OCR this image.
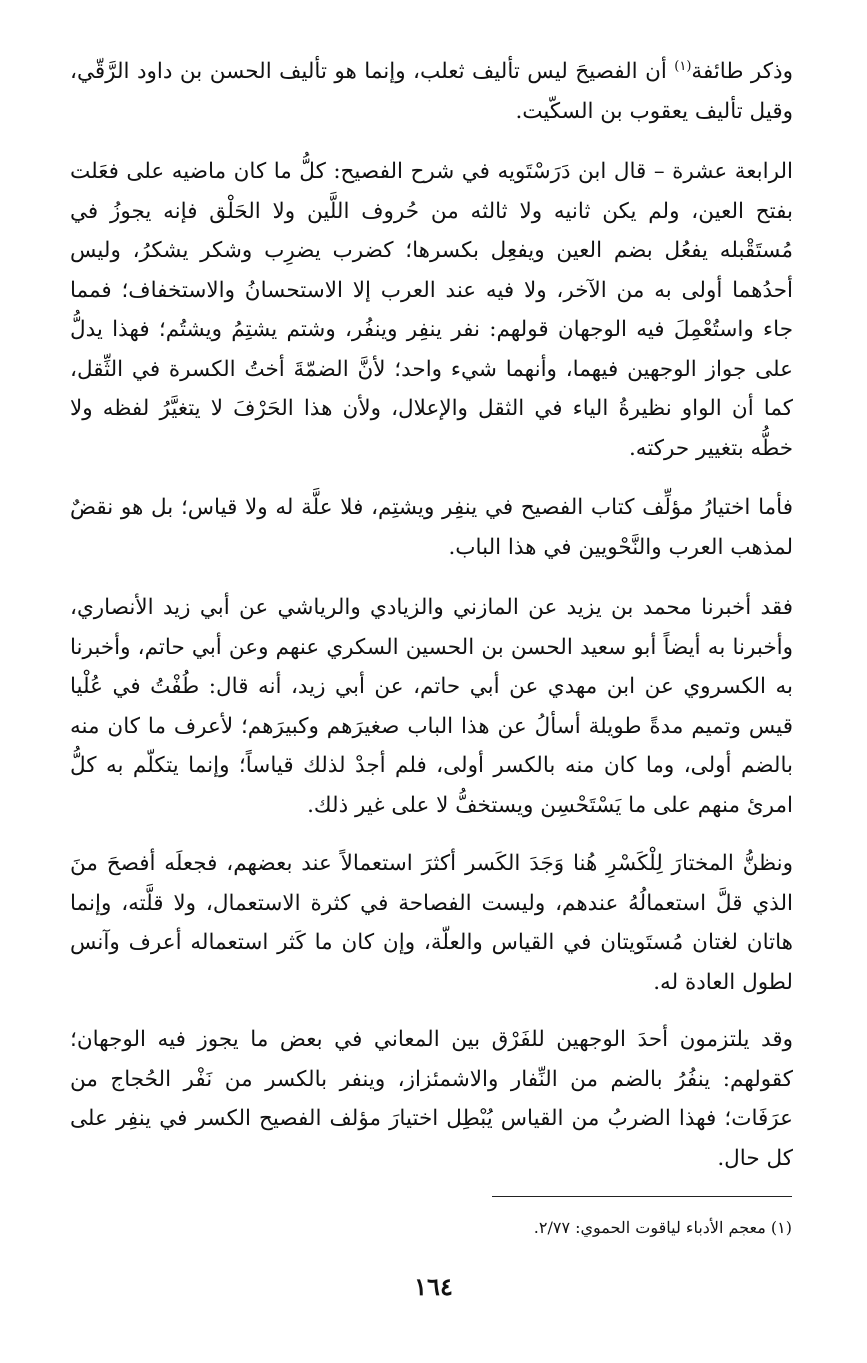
وذكر طائفة$^{(١)}$ أن الفصيحَ ليس تأليف ثعلب، وإنما هو تأليف الحسن بن داود الرَّقّي، وقيل تأليف يعقوب بن السكّيت.

الرابعة عشرة – قال ابن دَرَسْتَويه في شرح الفصيح: كلُّ ما كان ماضيه على فعَلت بفتح العين، ولم يكن ثانيه ولا ثالثه من حُروف اللَّين ولا الحَلْق فإنه يجوزُ في مُستَقْبله يفعُل بضم العين ويفعِل بكسرها؛ كضرب يضرِب وشكر يشكرُ، وليس أحدُهما أولى به من الآخر، ولا فيه عند العرب إلا الاستحسانُ والاستخفاف؛ فمما جاء واستُعْمِلَ فيه الوجهان قولهم: نفر ينفِر وينفُر، وشتم يشتِمُ ويشتُم؛ فهذا يدلُّ على جواز الوجهين فيهما، وأنهما شيء واحد؛ لأنَّ الضمّةَ أختُ الكسرة في الثِّقل، كما أن الواو نظيرةُ الياء في الثقل والإعلال، ولأن هذا الحَرْفَ لا يتغيَّرُ لفظه ولا خطُّه بتغيير حركته.

فأما اختيارُ مؤلِّف كتاب الفصيح في ينفِر ويشتِم، فلا علَّة له ولا قياس؛ بل هو نقضٌ لمذهب العرب والنَّحْويين في هذا الباب.

فقد أخبرنا محمد بن يزيد عن المازني والزيادي والرياشي عن أبي زيد الأنصاري، وأخبرنا به أيضاً أبو سعيد الحسن بن الحسين السكري عنهم وعن أبي حاتم، وأخبرنا به الكسروي عن ابن مهدي عن أبي حاتم، عن أبي زيد، أنه قال: طُفْتُ في عُلْيا قيس وتميم مدةً طويلة أسألُ عن هذا الباب صغيرَهم وكبيرَهم؛ لأعرف ما كان منه بالضم أولى، وما كان منه بالكسر أولى، فلم أجدْ لذلك قياساً؛ وإنما يتكلّم به كلُّ امرئ منهم على ما يَسْتَحْسِن ويستخفُّ لا على غير ذلك.

ونظنُّ المختارَ لِلْكَسْرِ هُنا وَجَدَ الكَسر أكثرَ استعمالاً عند بعضهم، فجعلَه أفصحَ منَ الذي قلَّ استعمالُهُ عندهم، وليست الفصاحة في كثرة الاستعمال، ولا قلَّته، وإنما هاتان لغتان مُستَويتان في القياس والعلّة، وإن كان ما كَثر استعماله أعرف وآنس لطول العادة له.

وقد يلتزمون أحدَ الوجهين للفَرْق بين المعاني في بعض ما يجوز فيه الوجهان؛ كقولهم: ينفُرُ بالضم من النِّفار والاشمئزاز، وينفر بالكسر من نَفْر الحُجاج من عرَفَات؛ فهذا الضربُ من القياس يُبْطِل اختيارَ مؤلف الفصيح الكسر في ينفِر على كل حال.

(١) معجم الأدباء لياقوت الحموي: ٢/٧٧.
١٦٤
